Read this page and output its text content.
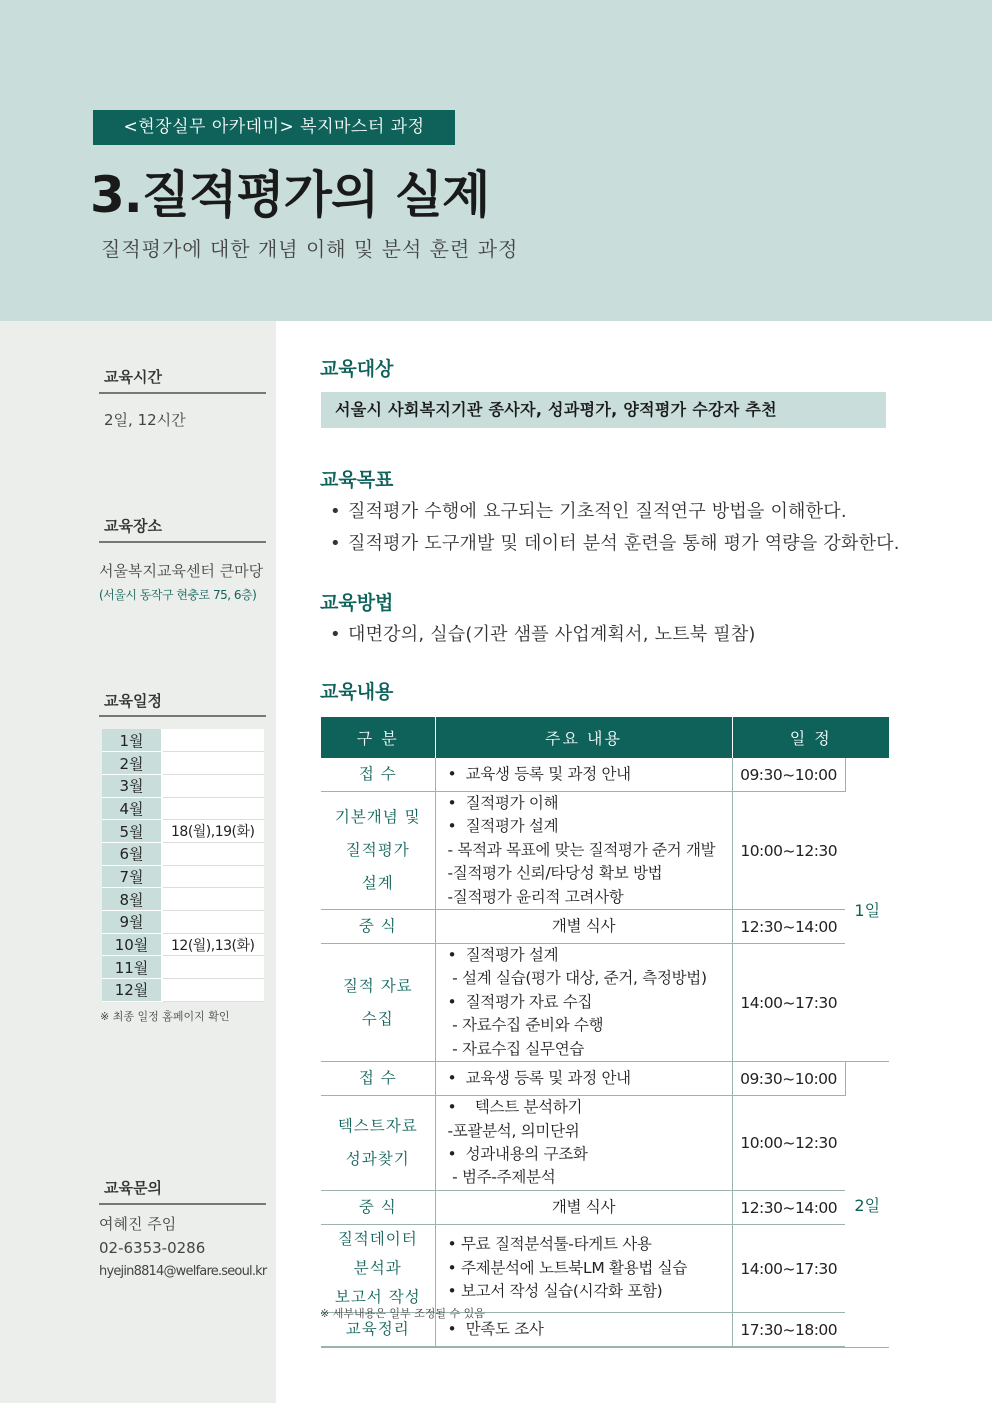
<현장실무 아카데미> 복지마스터 과정
3.질적평가의 실제
질적평가에 대한 개념 이해 및 분석 훈련 과정
교육시간
2일, 12시간
교육장소
서울복지교육센터 큰마당
(서울시 동작구 현충로 75, 6층)
교육일정
1월	
2월	
3월	
4월	
5월	18(월),19(화)
6월	
7월	
8월	
9월	
10월	12(월),13(화)
11월	
12월	
※ 최종 일정 홈페이지 확인
교육문의
여혜진 주임
02-6353-0286
hyejin8814@welfare.seoul.kr
교육대상
서울시 사회복지기관 종사자, 성과평가, 양적평가 수강자 추천
교육목표
• 질적평가 수행에 요구되는 기초적인 질적연구 방법을 이해한다.
• 질적평가 도구개발 및 데이터 분석 훈련을 통해 평가 역량을 강화한다.
교육방법
• 대면강의, 실습(기관 샘플 사업계획서, 노트북 필참)
교육내용
구 분	주요 내용	일 정	
접 수	•  교육생 등록 및 과정 안내	09:30~10:00	1일

기본개념 및
질적평가
설계	•  질적평가 이해
•  질적평가 설계
- 목적과 목표에 맞는 질적평가 준거 개발
-질적평가 신뢰/타당성 확보 방법
-질적평가 윤리적 고려사항	10:00~12:30	
중 식	개별 식사	12:30~14:00	

질적 자료
수집	•  질적평가 설계
- 설계 실습(평가 대상, 준거, 측정방법)
•  질적평가 자료 수집
- 자료수집 준비와 수행
- 자료수집 실무연습	14:00~17:30	
접 수	•  교육생 등록 및 과정 안내	09:30~10:00	2일

텍스트자료
성과찾기	•    텍스트 분석하기
-포괄분석, 의미단위
•  성과내용의 구조화
- 범주-주제분석	10:00~12:30	
중 식	개별 식사	12:30~14:00	

질적데이터
분석과
보고서 작성	• 무료 질적분석툴-타게트 사용
• 주제분석에 노트북LM 활용법 실습
• 보고서 작성 실습(시각화 포함)	14:00~17:30	
교육정리	•  만족도 조사	17:30~18:00	
※ 세부내용은 일부 조정될 수 있음
